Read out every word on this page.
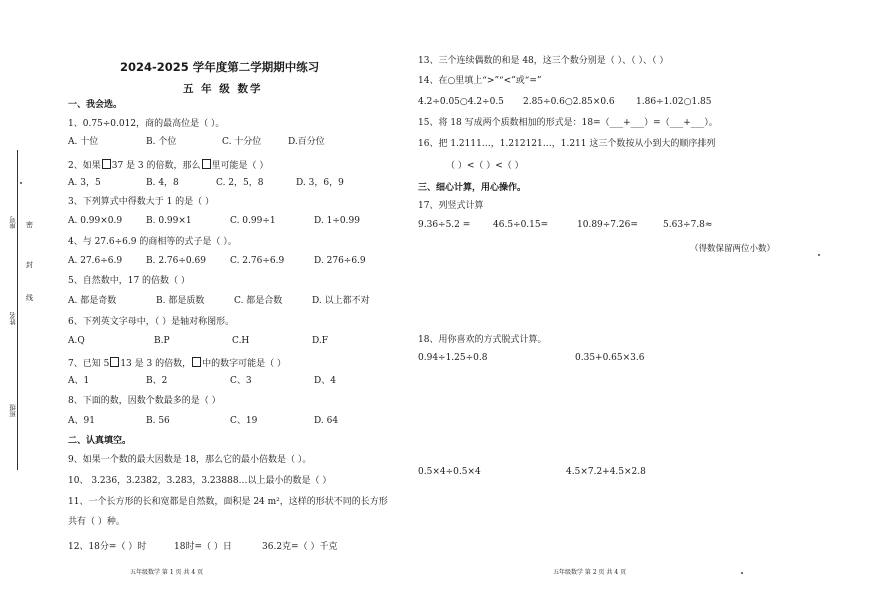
座号
姓名
班级
密
封
线
2024-2025 学年度第二学期期中练习
五 年 级 数学
一、我会选。
1、0.75÷0.012，商的最高位是（ ）。
A. 十位	B. 个位	C. 十分位	D.百分位
2、如果 37 是 3 的倍数，那么 里可能是（ ）
A. 3，5	B. 4，8	C. 2，5，8	D. 3，6，9
3、下列算式中得数大于 1 的是（ ）
A. 0.99×0.9	B. 0.99×1	C. 0.99÷1	D. 1÷0.99
4、与 27.6÷6.9 的商相等的式子是（ ）。
A. 27.6÷6.9	B. 2.76÷0.69	C. 2.76÷6.9	D. 276÷6.9
5、自然数中，17 的倍数（ ）
A. 都是奇数	B. 都是质数	C. 都是合数	D. 以上都不对
6、下列英文字母中，（ ）是轴对称图形。
A.Q	B.P	C.H	D.F
7、已知 5 13 是 3 的倍数， 中的数字可能是（ ）
A、1	B、2	C、3	D、4
8、下面的数，因数个数最多的是（ ）
A、91	B. 56	C、19	D. 64
二、认真填空。
9、如果一个数的最大因数是 18，那么它的最小倍数是（ ）。
10、 3.236，3.2382，3.283，3.23888…以上最小的数是（ ）
11、一个长方形的长和宽都是自然数，面积是 24 m²，这样的形状不同的长方形
共有（ ）种。
12、18分=（ ）时	18时=（ ）日	36.2克=（ ）千克
五年级数学 第 1 页 共 4 页
13、三个连续偶数的和是 48，这三个数分别是（ ）、（ ）、（ ）
14、在○里填上“>”“<”或“=”
4.2÷0.05○4.2÷0.5 2.85÷0.6○2.85×0.6 1.86÷1.02○1.85
15、将 18 写成两个质数相加的形式是：18=（___+___）=（___+___）。
16、把 1.2111…，1.212121…，1.211 这三个数按从小到大的顺序排列
（ ）<（ ）<（ ）
三、细心计算，用心操作。
17、列竖式计算
9.36÷5.2 =	46.5÷0.15=	10.89÷7.26=	5.63÷7.8≈
（得数保留两位小数）
18、用你喜欢的方式脱式计算。
0.94÷1.25÷0.8	0.35+0.65×3.6
0.5×4÷0.5×4	4.5×7.2+4.5×2.8
五年级数学 第 2 页 共 4 页
